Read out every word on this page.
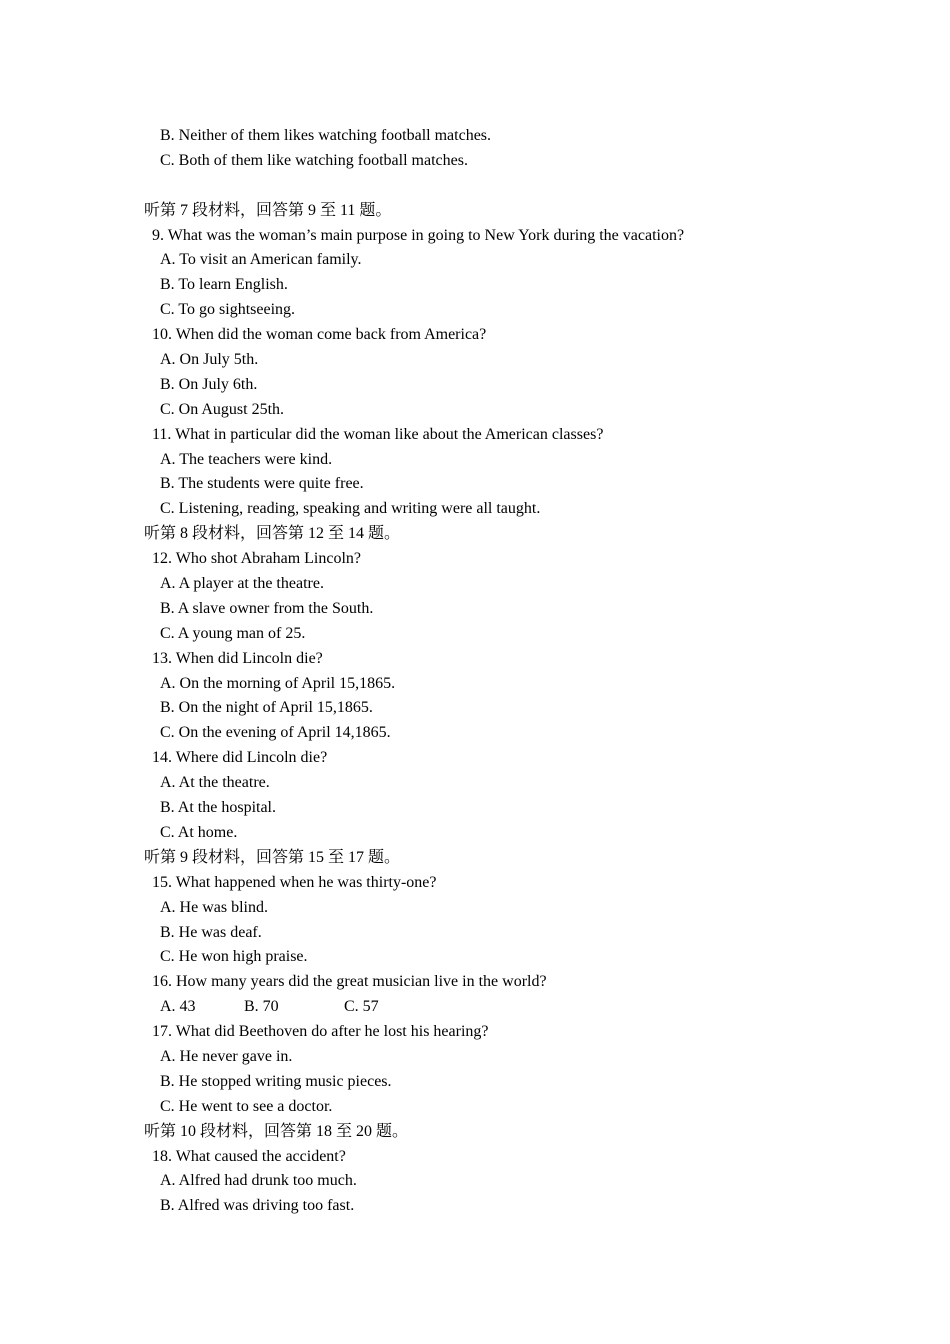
B. Neither of them likes watching football matches.
C. Both of them like watching football matches.
听第 7 段材料，回答第 9 至 11 题。
9. What was the woman’s main purpose in going to New York during the vacation?
A. To visit an American family.
B. To learn English.
C. To go sightseeing.
10. When did the woman come back from America?
A. On July 5th.
B. On July 6th.
C. On August 25th.
11. What in particular did the woman like about the American classes?
A. The teachers were kind.
B. The students were quite free.
C. Listening, reading, speaking and writing were all taught.
听第 8 段材料，回答第 12 至 14 题。
12. Who shot Abraham Lincoln?
A. A player at the theatre.
B. A slave owner from the South.
C. A young man of 25.
13. When did Lincoln die?
A. On the morning of April 15,1865.
B. On the night of April 15,1865.
C. On the evening of April 14,1865.
14. Where did Lincoln die?
A. At the theatre.
B. At the hospital.
C. At home.
听第 9 段材料，回答第 15 至 17 题。
15. What happened when he was thirty-one?
A. He was blind.
B. He was deaf.
C. He won high praise.
16. How many years did the great musician live in the world?
A. 43	B. 70	C. 57
17. What did Beethoven do after he lost his hearing?
A. He never gave in.
B. He stopped writing music pieces.
C. He went to see a doctor.
听第 10 段材料，回答第 18 至 20 题。
18. What caused the accident?
A. Alfred had drunk too much.
B. Alfred was driving too fast.
